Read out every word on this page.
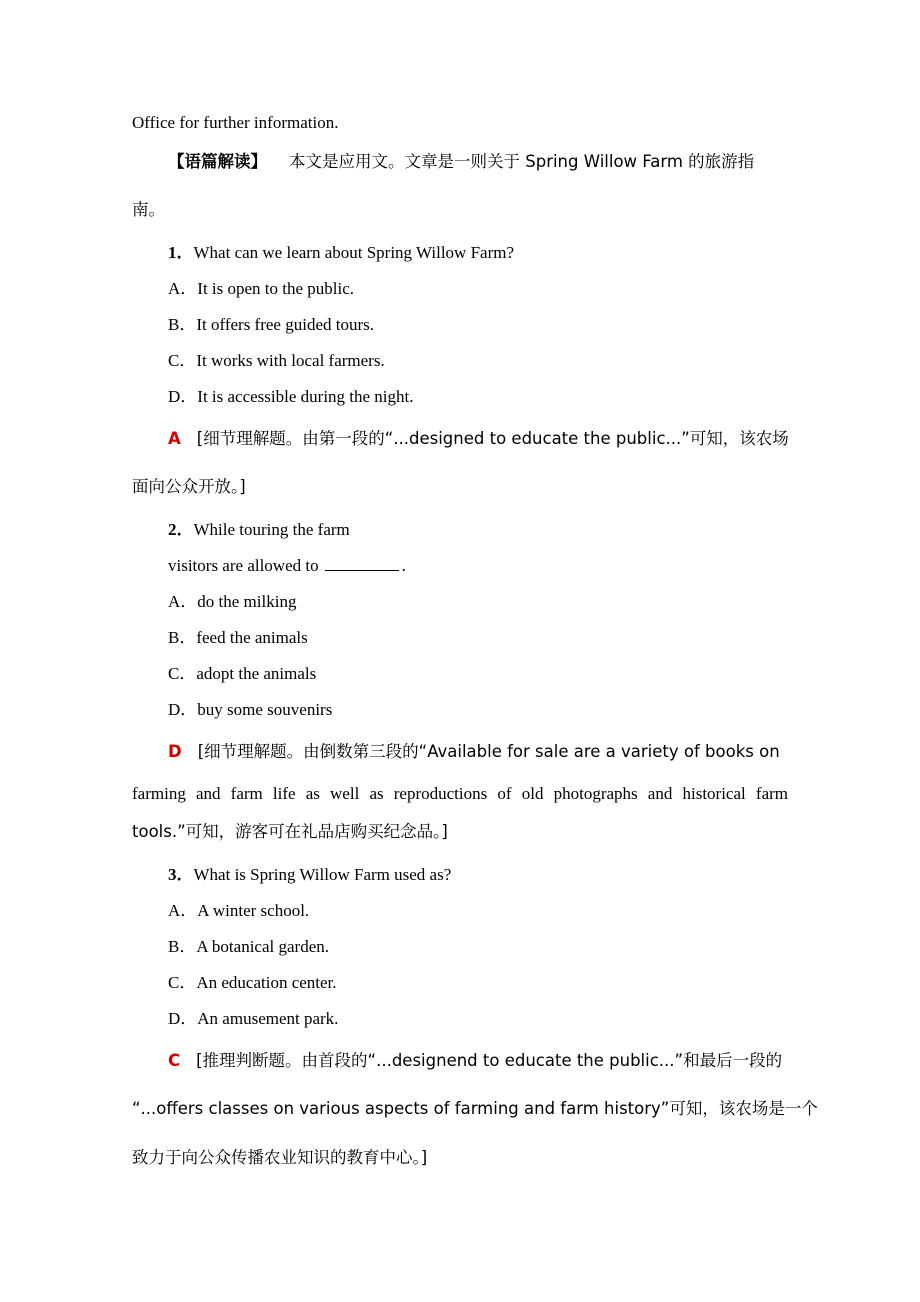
Office for further information.
【语篇解读】 本文是应用文。文章是一则关于 Spring Willow Farm 的旅游指
南。
1．What can we learn about Spring Willow Farm?
A．It is open to the public.
B．It offers free guided tours.
C．It works with local farmers.
D．It is accessible during the night.
A [细节理解题。由第一段的“...designed to educate the public...”可知，该农场
面向公众开放。]
2．While touring the farm
visitors are allowed to	.
A．do the milking
B．feed the animals
C．adopt the animals
D．buy some souvenirs
D [细节理解题。由倒数第三段的“Available for sale are a variety of books on
farming and farm life as well as reproductions of old photographs and historical farm
tools.”可知，游客可在礼品店购买纪念品。]
3．What is Spring Willow Farm used as?
A．A winter school.
B．A botanical garden.
C．An education center.
D．An amusement park.
C [推理判断题。由首段的“...designend to educate the public...”和最后一段的
“...offers classes on various aspects of farming and farm history”可知，该农场是一个
致力于向公众传播农业知识的教育中心。]
